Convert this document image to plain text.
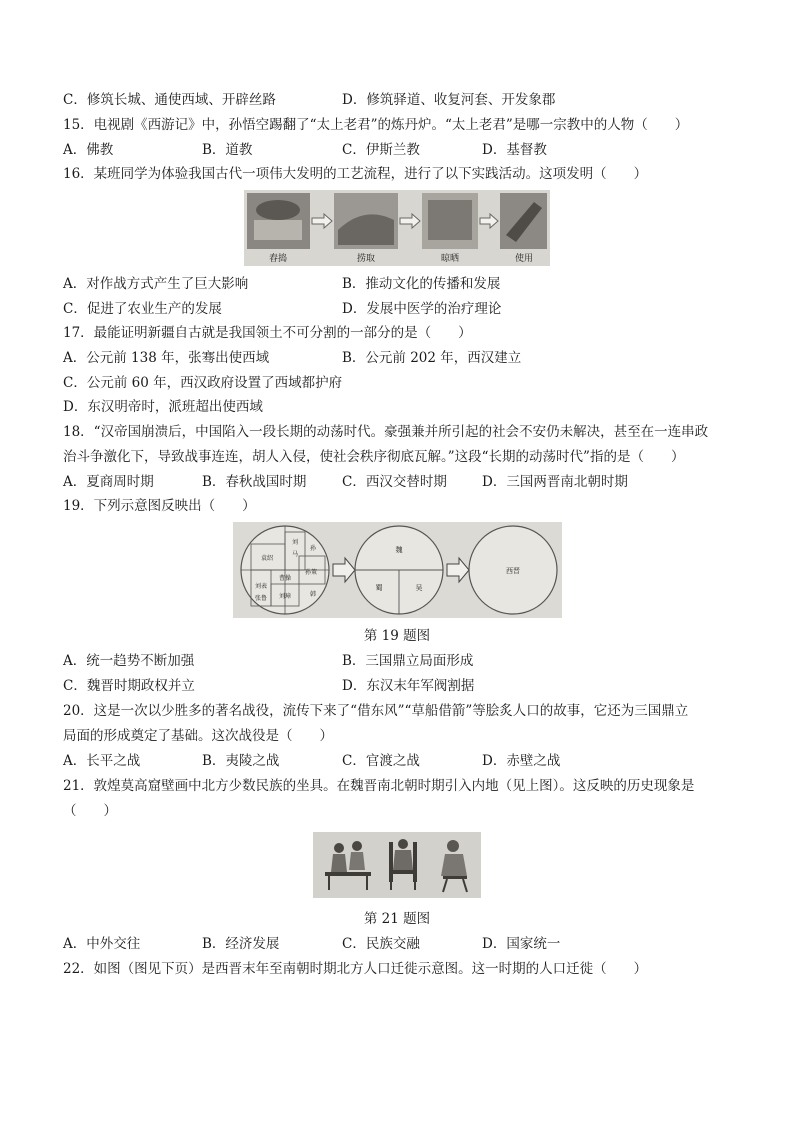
C．修筑长城、通使西域、开辟丝路	D．修筑驿道、收复河套、开发象郡
15．电视剧《西游记》中，孙悟空踢翻了“太上老君”的炼丹炉。“太上老君”是哪一宗教中的人物（　　）
A．佛教	B．道教	C．伊斯兰教	D．基督教
16．某班同学为体验我国古代一项伟大发明的工艺流程，进行了以下实践活动。这项发明（　　）
舂捣	捞取	晾晒	使用
A．对作战方式产生了巨大影响	B．推动文化的传播和发展
C．促进了农业生产的发展	D．发展中医学的治疗理论
17．最能证明新疆自古就是我国领土不可分割的一部分的是（　　）
A．公元前 138 年，张骞出使西域	B．公元前 202 年，西汉建立
C．公元前 60 年，西汉政府设置了西域都护府
D．东汉明帝时，派班超出使西域
18．“汉帝国崩溃后，中国陷入一段长期的动荡时代。豪强兼并所引起的社会不安仍未解决，甚至在一连串政
治斗争激化下，导致战事连连，胡人入侵，使社会秩序彻底瓦解。”这段“长期的动荡时代”指的是（　　）
A．夏商周时期	B．春秋战国时期	C．西汉交替时期	D．三国两晋南北朝时期
19．下列示意图反映出（　　）
袁绍
刘
马
孙
曹操
刘表
张鲁 刘璋
孙策
韩
魏
蜀	吴
西晋
第 19 题图
A．统一趋势不断加强	B．三国鼎立局面形成
C．魏晋时期政权并立	D．东汉末年军阀割据
20．这是一次以少胜多的著名战役，流传下来了“借东风”“草船借箭”等脍炙人口的故事，它还为三国鼎立
局面的形成奠定了基础。这次战役是（　　）
A．长平之战	B．夷陵之战	C．官渡之战	D．赤壁之战
21．敦煌莫高窟壁画中北方少数民族的坐具。在魏晋南北朝时期引入内地（见上图）。这反映的历史现象是
（　　）
第 21 题图
A．中外交往	B．经济发展	C．民族交融	D．国家统一
22．如图（图见下页）是西晋末年至南朝时期北方人口迁徙示意图。这一时期的人口迁徙（　　）
